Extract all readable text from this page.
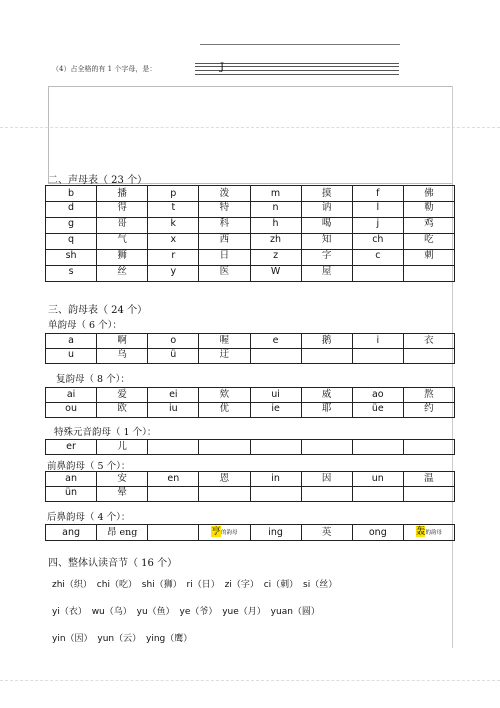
（4）占全格的有 1 个字母，是：	J
二、声母表（ 23 个）
b	播	p	泼	m	摸	f	佛
d	得	t	特	n	讷	l	勒
g	哥	k	科	h	喝	j	鸡
q	气	x	西	zh	知	ch	吃
sh	狮	r	日	z	字	c	刺
s	丝	y	医	W	屋		
三、韵母表（ 24 个）
单韵母（ 6 个）：
a	啊	o	喔	e	鹅	i	衣
u	乌	ü	迂				
复韵母（ 8 个）：
ai	爱	ei	欸	ui	威	ao	熬
ou	欧	iu	优	ie	耶	üe	约
特殊元音韵母（ 1 个）：
er	儿						
前鼻韵母（ 5 个）：
an	安	en	恩	in	因	un	温
ün	晕						
后鼻韵母（ 4 个）：
ang	昂 eng		亨的韵母	ing	英	ong	轰的韵母
四、整体认读音节（ 16 个）
zhi（织） chi（吃） shi（狮） ri（日） zi（字） ci（刺） si（丝）
yi（衣） wu（乌） yu（鱼） ye（爷） yue（月） yuan（圆）
yin（因） yun（云） ying（鹰）
